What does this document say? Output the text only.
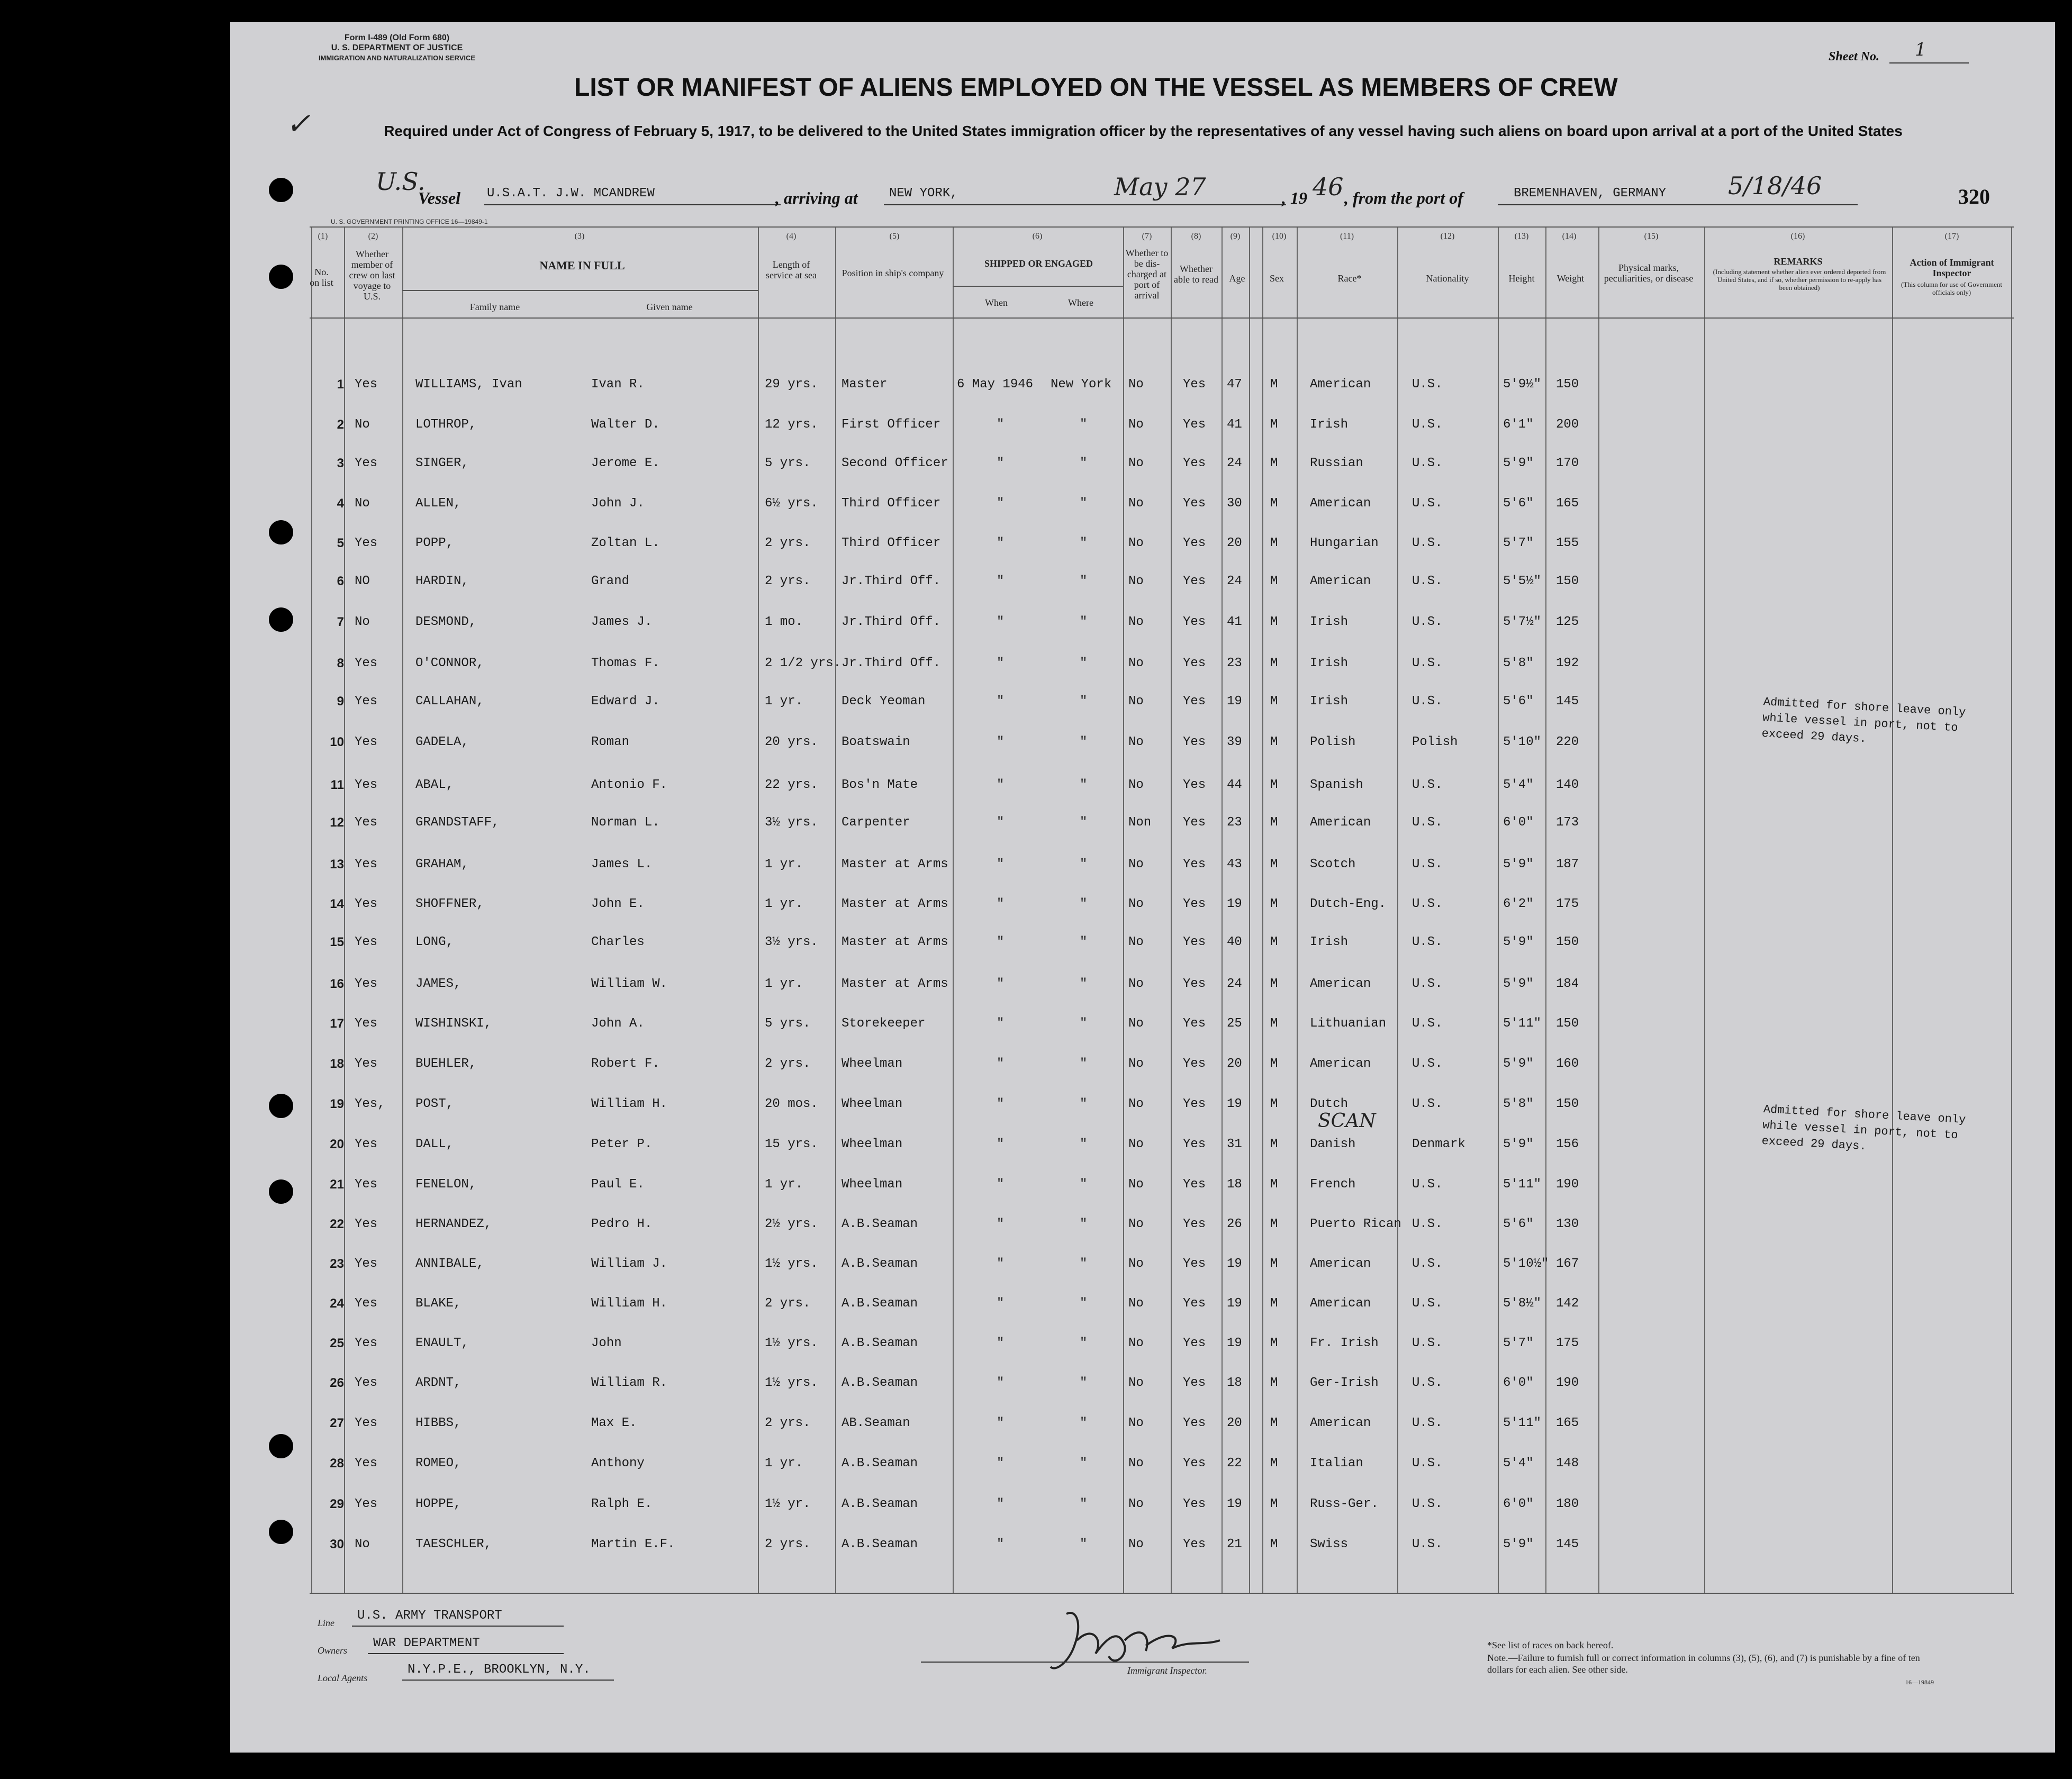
Form I-489 (Old Form 680)
U. S. DEPARTMENT OF JUSTICE
IMMIGRATION AND NATURALIZATION SERVICE	Sheet No. 1
LIST OR MANIFEST OF ALIENS EMPLOYED ON THE VESSEL AS MEMBERS OF CREW
✓	Required under Act of Congress of February 5, 1917, to be delivered to the United States immigration officer by the representatives of any vessel having such aliens on board upon arrival at a port of the United States
U.S.
Vessel U.S.A.T. J.W. MCANDREW	, arriving at NEW YORK,	May 27	, 19 46 , from the port of	BREMENHAVEN, GERMANY	5/18/46	320
U. S. GOVERNMENT PRINTING OFFICE 16—19849-1
(1)	(2)	(3)	(4)	(5)	(6)	(7)	(8)	(9)	(10)	(11)	(12)	(13)	(14)	(15)	(16)	(17)
No. on list
Whether member of crew on last voyage to U.S.
NAME IN FULL
Family name	Given name
Length of service at sea	Position in ship's company
SHIPPED OR ENGAGED
When	Where
Whether to be dis-charged at port of arrival
Whether able to read	Age	Sex	Race*	Nationality	Height	Weight
Physical marks, peculiarities, or disease
REMARKS
(Including statement whether alien ever ordered deported from United States, and if so, whether permission to re-apply has been obtained)
Action of Immigrant Inspector
(This column for use of Government officials only)
1 Yes	WILLIAMS, Ivan	Ivan R.	29 yrs. Master	6 May 1946 New York No	Yes 47 M	American	U.S.	5'9½" 150
2 No	LOTHROP,	Walter D.	12 yrs. First Officer	"	"	No	Yes 41 M	Irish	U.S.	6'1" 200
3 Yes	SINGER,	Jerome E.	5 yrs. Second Officer	"	"	No	Yes 24 M	Russian	U.S.	5'9" 170
4 No	ALLEN,	John J.	6½ yrs. Third Officer	"	"	No	Yes 30 M	American	U.S.	5'6" 165
5 Yes	POPP,	Zoltan L.	2 yrs. Third Officer	"	"	No	Yes 20 M	Hungarian	U.S.	5'7" 155
6 NO	HARDIN,	Grand	2 yrs. Jr.Third Off.	"	"	No	Yes 24 M	American	U.S.	5'5½" 150
7 No	DESMOND,	James J.	1 mo.	Jr.Third Off.	"	"	No	Yes 41 M	Irish	U.S.	5'7½" 125
8 Yes	O'CONNOR,	Thomas F.	2 1/2 yrs. Jr.Third Off.	"	"	No	Yes 23 M	Irish	U.S.	5'8" 192
9 Yes	CALLAHAN,	Edward J.	1 yr.	Deck Yeoman	"	"	No	Yes 19 M	Irish	U.S.	5'6" 145
10 Yes	GADELA,	Roman	20 yrs. Boatswain	"	"	No	Yes 39 M	Polish	Polish	5'10" 220
11 Yes	ABAL,	Antonio F.	22 yrs. Bos'n Mate	"	"	No	Yes 44 M	Spanish	U.S.	5'4" 140
12 Yes	GRANDSTAFF,	Norman L.	3½ yrs. Carpenter	"	"	Non Yes 23 M	American	U.S.	6'0" 173
13 Yes	GRAHAM,	James L.	1 yr.	Master at Arms	"	"	No	Yes 43 M	Scotch	U.S.	5'9" 187
14 Yes	SHOFFNER,	John E.	1 yr.	Master at Arms	"	"	No	Yes 19 M	Dutch-Eng. U.S.	6'2" 175
15 Yes	LONG,	Charles	3½ yrs. Master at Arms	"	"	No	Yes 40 M	Irish	U.S.	5'9" 150
16 Yes	JAMES,	William W.	1 yr.	Master at Arms	"	"	No	Yes 24 M	American	U.S.	5'9" 184
17 Yes	WISHINSKI,	John A.	5 yrs. Storekeeper	"	"	No	Yes 25 M	Lithuanian U.S.	5'11" 150
18 Yes	BUEHLER,	Robert F.	2 yrs. Wheelman	"	"	No	Yes 20 M	American	U.S.	5'9" 160
19 Yes, POST,	William H.	20 mos. Wheelman	"	"	No	Yes 19 M	Dutch	U.S.	5'8" 150
20 Yes	DALL,	Peter P.	15 yrs. Wheelman	"	"	No	Yes 31 M	Danish	Denmark	5'9" 156
21 Yes	FENELON,	Paul E.	1 yr.	Wheelman	"	"	No	Yes 18 M	French	U.S.	5'11" 190
22 Yes	HERNANDEZ,	Pedro H.	2½ yrs. A.B.Seaman	"	"	No	Yes 26 M	Puerto Rican U.S.	5'6" 130
23 Yes	ANNIBALE,	William J.	1½ yrs. A.B.Seaman	"	"	No	Yes 19 M	American	U.S.	5'10½" 167
24 Yes	BLAKE,	William H.	2 yrs. A.B.Seaman	"	"	No	Yes 19 M	American	U.S.	5'8½" 142
25 Yes	ENAULT,	John	1½ yrs. A.B.Seaman	"	"	No	Yes 19 M	Fr. Irish	U.S.	5'7" 175
26 Yes	ARDNT,	William R.	1½ yrs. A.B.Seaman	"	"	No	Yes 18 M	Ger-Irish	U.S.	6'0" 190
27 Yes	HIBBS,	Max E.	2 yrs. AB.Seaman	"	"	No	Yes 20 M	American	U.S.	5'11" 165
28 Yes	ROMEO,	Anthony	1 yr.	A.B.Seaman	"	"	No	Yes 22 M	Italian	U.S.	5'4" 148
29 Yes	HOPPE,	Ralph E.	1½ yr. A.B.Seaman	"	"	No	Yes 19 M	Russ-Ger.	U.S.	6'0" 180
30 No	TAESCHLER,	Martin E.F.	2 yrs. A.B.Seaman	"	"	No	Yes 21 M	Swiss	U.S.	5'9" 145
Admitted for shore leave only
while vessel in port, not to
exceed 29 days.
Admitted for shore leave only
while vessel in port, not to
exceed 29 days.
SCAN
Line U.S. ARMY TRANSPORT
Owners WAR DEPARTMENT
Local Agents
N.Y.P.E., BROOKLYN, N.Y.	Immigrant Inspector.
*See list of races on back hereof.
Note.—Failure to furnish full or correct information in columns (3), (5), (6), and (7) is punishable by a fine of ten dollars for each alien. See other side.
16—19849
